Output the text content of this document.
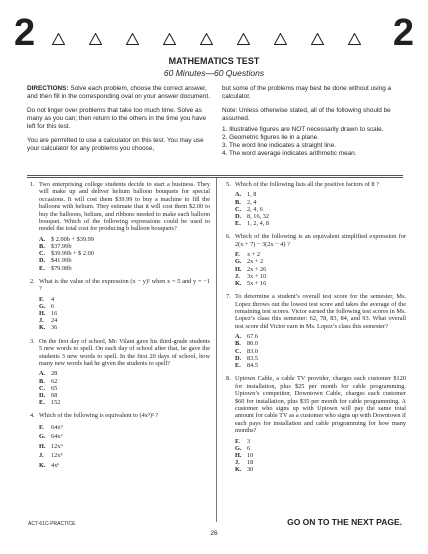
2	2
MATHEMATICS TEST
60 Minutes—60 Questions

DIRECTIONS: Solve each problem, choose the correct answer, and then fill in the corresponding oval on your answer document.

Do not linger over problems that take too much time. Solve as many as you can; then return to the others in the time you have left for this test.

You are permitted to use a calculator on this test. You may use your calculator for any problems you choose,

but some of the problems may best be done without using a calculator.

Note: Unless otherwise stated, all of the following should be assumed.

1. Illustrative figures are NOT necessarily drawn to scale.
2. Geometric figures lie in a plane.
3. The word line indicates a straight line.
4. The word average indicates arithmetic mean.
1. Two enterprising college students decide to start a business. They will make up and deliver helium balloon bouquets for special occasions. It will cost them $39.99 to buy a machine to fill the balloons with helium. They estimate that it will cost them $2.00 to buy the balloons, helium, and ribbons needed to make each balloon bouquet. Which of the following expressions could be used to model the total cost for producing b balloon bouquets?
A. $ 2.00b + $39.99
B. $37.99b
C. $39.99b + $ 2.00
D. $41.99b
E. $79.98b
2. What is the value of the expression (x − y)² when x = 5 and y = −1 ?
F.	4
G. 6
H. 16
J.	24
K. 36
3. On the first day of school, Mr. Vilani gave his third-grade students 5 new words to spell. On each day of school after that, he gave the students 3 new words to spell. In the first 20 days of school, how many new words had he given the students to spell?
A. 28
B. 62
C. 65
D. 68
E. 152
4. Which of the following is equivalent to (4x³)² ?
F.	64x⁹
G. 64x⁶
H. 12x⁹
J.	12x⁵
K. 4x⁶
5. Which of the following lists all the positive factors of 8 ?
A. 1, 8
B. 2, 4
C. 2, 4, 6
D. 8, 16, 32
E. 1, 2, 4, 8
6. Which of the following is an equivalent simplified expression for 2(x + 7) − 3(2x − 4) ?
F.	x + 2
G. 2x + 2
H. 2x + 26
J.	3x + 10
K. 5x + 16
7. To determine a student’s overall test score for the semester, Ms. Lopez throws out the lowest test score and takes the average of the remaining test scores. Victor earned the following test scores in Ms. Lopez’s class this semester: 62, 78, 83, 84, and 93. What overall test score did Victor earn in Ms. Lopez’s class this semester?
A. 67.6
B. 80.0
C. 83.0
D. 83.5
E. 84.5
8. Uptown Cable, a cable TV provider, charges each customer $120 for installation, plus $25 per month for cable programming. Uptown’s competitor, Downtown Cable, charges each customer $60 for installation, plus $35 per month for cable programming. A customer who signs up with Uptown will pay the same total amount for cable TV as a customer who signs up with Downtown if each pays for installation and cable programming for how many months?
F.	3
G. 6
H. 10
J.	18
K. 30
ACT-61C-PRACTICE	GO ON TO THE NEXT PAGE.
26
